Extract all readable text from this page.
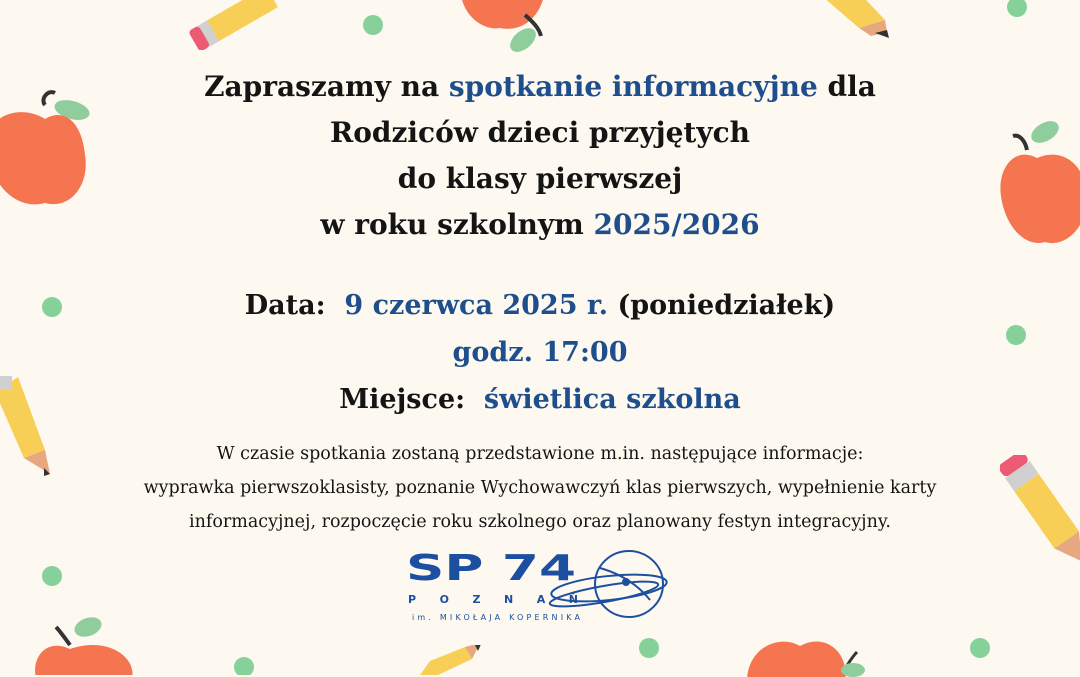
Zapraszamy na spotkanie informacyjne dla
Rodziców dzieci przyjętych
do klasy pierwszej
w roku szkolnym 2025/2026
Data: 9 czerwca 2025 r. (poniedziałek)
godz. 17:00
Miejsce: świetlica szkolna
W czasie spotkania zostaną przedstawione m.in. następujące informacje:
wyprawka pierwszoklasisty, poznanie Wychowawczyń klas pierwszych, wypełnienie karty
informacyjnej, rozpoczęcie roku szkolnego oraz planowany festyn integracyjny.
SP 74
P O Z N A Ń
im. MIKOŁAJA KOPERNIKA
